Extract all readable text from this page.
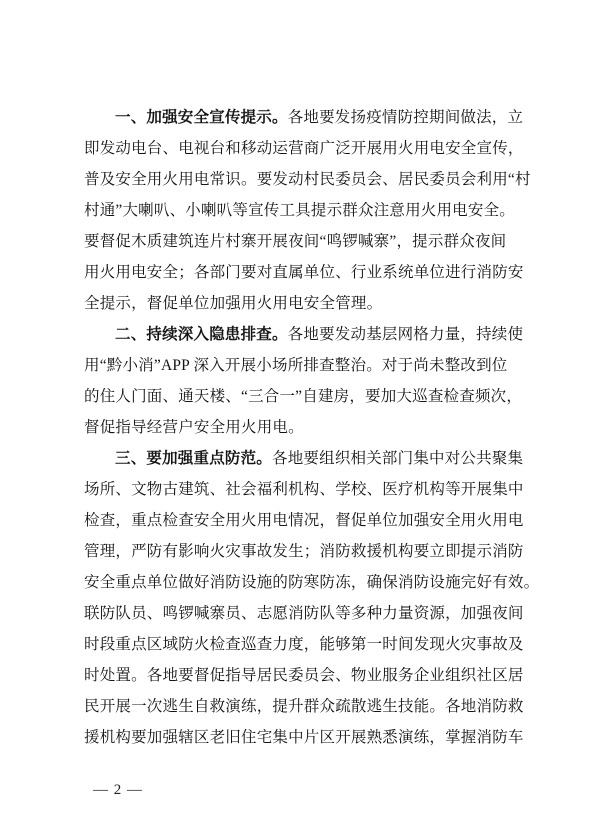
一、加强安全宣传提示。各地要发扬疫情防控期间做法，立
即发动电台、电视台和移动运营商广泛开展用火用电安全宣传，
普及安全用火用电常识。要发动村民委员会、居民委员会利用“村
村通”大喇叭、小喇叭等宣传工具提示群众注意用火用电安全。
要督促木质建筑连片村寨开展夜间“鸣锣喊寨”，提示群众夜间
用火用电安全；各部门要对直属单位、行业系统单位进行消防安
全提示，督促单位加强用火用电安全管理。
二、持续深入隐患排查。各地要发动基层网格力量，持续使
用“黔小消”APP 深入开展小场所排查整治。对于尚未整改到位
的住人门面、通天楼、“三合一”自建房，要加大巡查检查频次，
督促指导经营户安全用火用电。
三、要加强重点防范。各地要组织相关部门集中对公共聚集
场所、文物古建筑、社会福利机构、学校、医疗机构等开展集中
检查，重点检查安全用火用电情况，督促单位加强安全用火用电
管理，严防有影响火灾事故发生；消防救援机构要立即提示消防
安全重点单位做好消防设施的防寒防冻，确保消防设施完好有效。
联防队员、鸣锣喊寨员、志愿消防队等多种力量资源，加强夜间
时段重点区域防火检查巡查力度，能够第一时间发现火灾事故及
时处置。各地要督促指导居民委员会、物业服务企业组织社区居
民开展一次逃生自救演练，提升群众疏散逃生技能。各地消防救
援机构要加强辖区老旧住宅集中片区开展熟悉演练，掌握消防车
— 2 —
